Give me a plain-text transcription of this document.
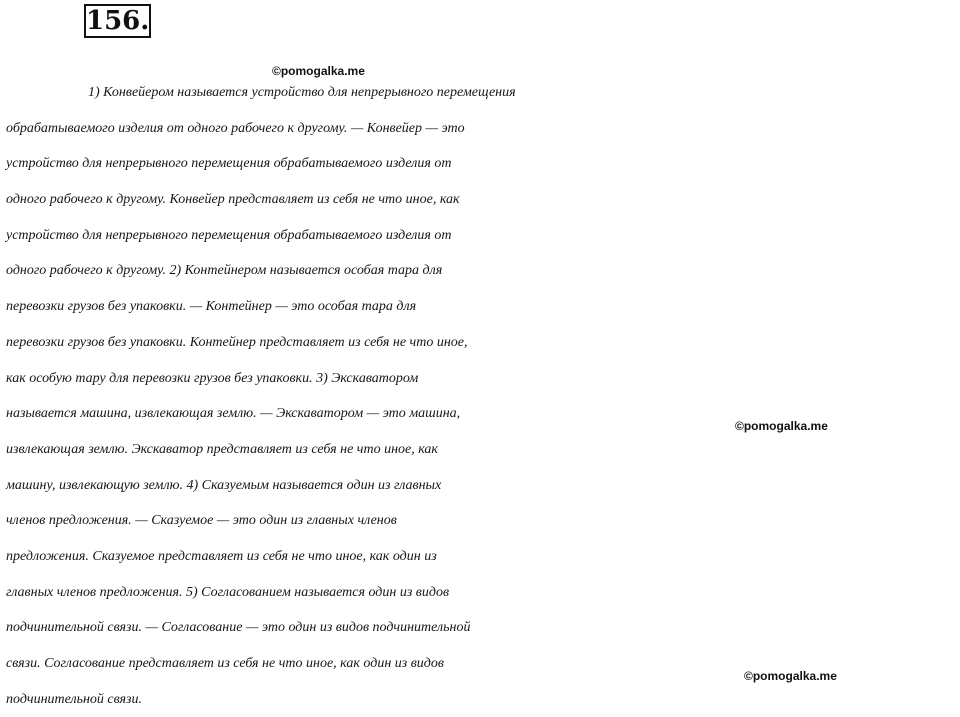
156.
©pomogalka.me
1) Конвейером называется устройство для непрерывного перемещения
обрабатываемого изделия от одного рабочего к другому. — Конвейер — это
устройство для непрерывного перемещения обрабатываемого изделия от
одного рабочего к другому. Конвейер представляет из себя не что иное, как
устройство для непрерывного перемещения обрабатываемого изделия от
одного рабочего к другому. 2) Контейнером называется особая тара для
перевозки грузов без упаковки. — Контейнер — это особая тара для
перевозки грузов без упаковки. Контейнер представляет из себя не что иное,
как особую тару для перевозки грузов без упаковки. 3) Экскаватором
называется машина, извлекающая землю. — Экскаватором — это машина,
извлекающая землю. Экскаватор представляет из себя не что иное, как
машину, извлекающую землю. 4) Сказуемым называется один из главных
членов предложения. — Сказуемое — это один из главных членов
предложения. Сказуемое представляет из себя не что иное, как один из
главных членов предложения. 5) Согласованием называется один из видов
подчинительной связи. — Согласование — это один из видов подчинительной
связи. Согласование представляет из себя не что иное, как один из видов
подчинительной связи.
©pomogalka.me
©pomogalka.me
